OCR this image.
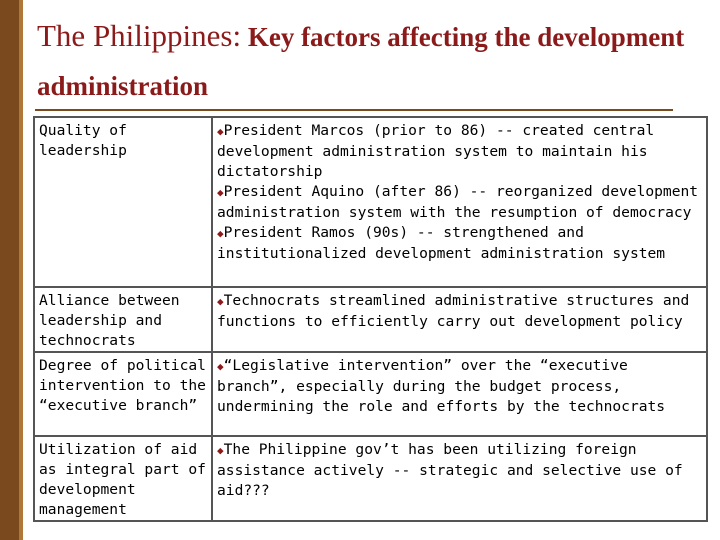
The Philippines: Key factors affecting the development administration
Quality of leadership	◆President Marcos (prior to 86) -- created central development administration system to maintain his dictatorship
◆President Aquino (after 86) -- reorganized development administration system with the resumption of democracy
◆President Ramos (90s) -- strengthened and institutionalized development administration system

Alliance between leadership and technocrats	◆Technocrats streamlined administrative structures and functions to efficiently carry out development policy

Degree of political intervention to the “executive branch”	◆“Legislative intervention” over the “executive branch”, especially during the budget process, undermining the role and efforts by the technocrats

Utilization of aid as integral part of development management	◆The Philippine gov’t has been utilizing foreign assistance actively -- strategic and selective use of aid???
